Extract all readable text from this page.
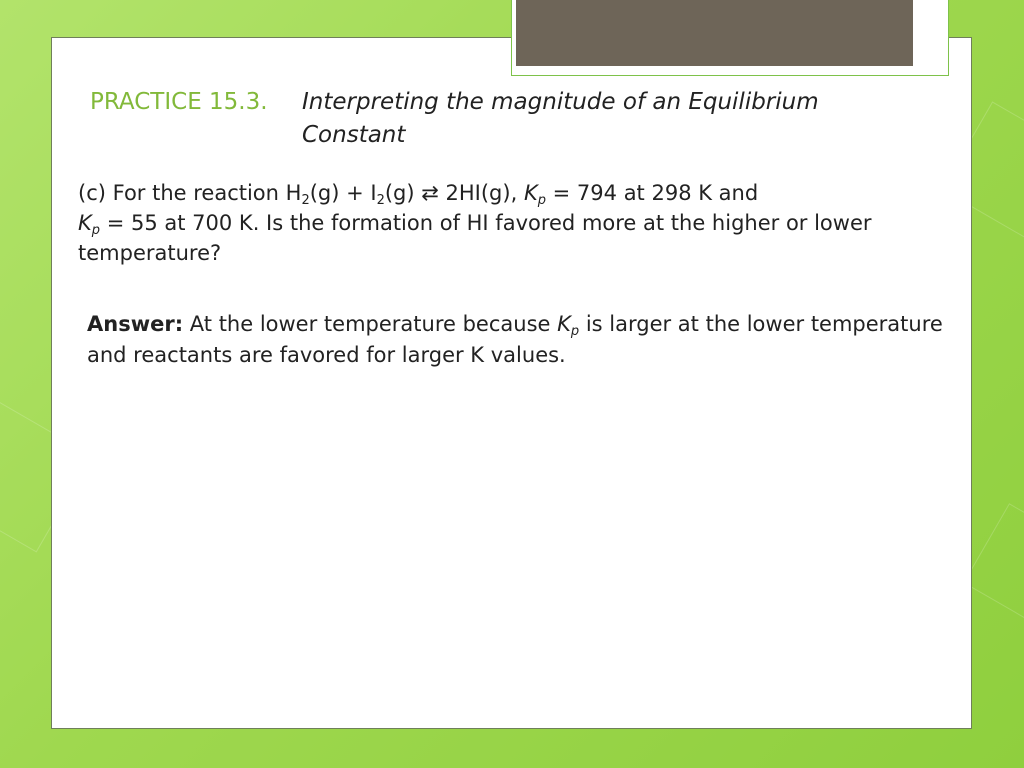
PRACTICE 15.3. Interpreting the magnitude of an Equilibrium Constant
(c) For the reaction $H_2(g) + I_2(g)$ ⇄ 2HI(g), $K_p = 794$ at 298 K and
$K_p = 55$ at 700 K. Is the formation of HI favored more at the higher or lower temperature?
Answer: At the lower temperature because $K_p$ is larger at the lower temperature and reactants are favored for larger K values.
